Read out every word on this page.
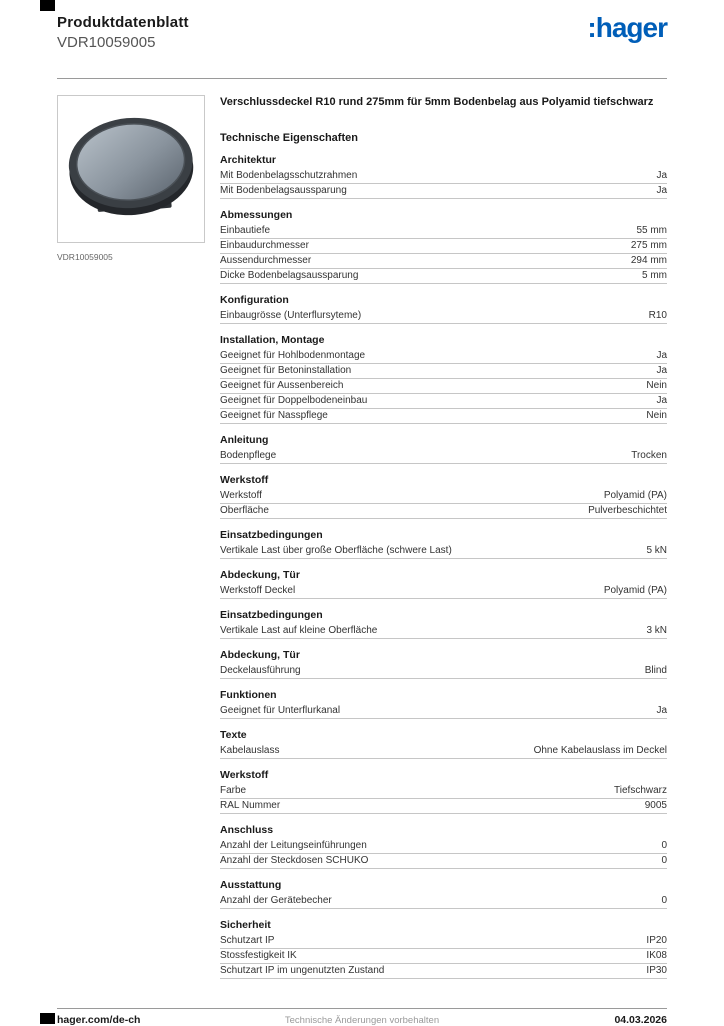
Produktdatenblatt
VDR10059005	:hager
VDR10059005
Verschlussdeckel R10 rund 275mm für 5mm Bodenbelag aus Polyamid tiefschwarz
Technische Eigenschaften
Architektur
Mit Bodenbelagsschutzrahmen	Ja
Mit Bodenbelagsaussparung	Ja
Abmessungen
Einbautiefe	55 mm
Einbaudurchmesser	275 mm
Aussendurchmesser	294 mm
Dicke Bodenbelagsaussparung	5 mm
Konfiguration
Einbaugrösse (Unterflursyteme)	R10
Installation, Montage
Geeignet für Hohlbodenmontage	Ja
Geeignet für Betoninstallation	Ja
Geeignet für Aussenbereich	Nein
Geeignet für Doppelbodeneinbau	Ja
Geeignet für Nasspflege	Nein
Anleitung
Bodenpflege	Trocken
Werkstoff
Werkstoff	Polyamid (PA)
Oberfläche	Pulverbeschichtet
Einsatzbedingungen
Vertikale Last über große Oberfläche (schwere Last)	5 kN
Abdeckung, Tür
Werkstoff Deckel	Polyamid (PA)
Einsatzbedingungen
Vertikale Last auf kleine Oberfläche	3 kN
Abdeckung, Tür
Deckelausführung	Blind
Funktionen
Geeignet für Unterflurkanal	Ja
Texte
Kabelauslass	Ohne Kabelauslass im Deckel
Werkstoff
Farbe	Tiefschwarz
RAL Nummer	9005
Anschluss
Anzahl der Leitungseinführungen	0
Anzahl der Steckdosen SCHUKO	0
Ausstattung
Anzahl der Gerätebecher	0
Sicherheit
Schutzart IP	IP20
Stossfestigkeit IK	IK08
Schutzart IP im ungenutzten Zustand	IP30
hager.com/de-ch	Technische Änderungen vorbehalten	04.03.2026
